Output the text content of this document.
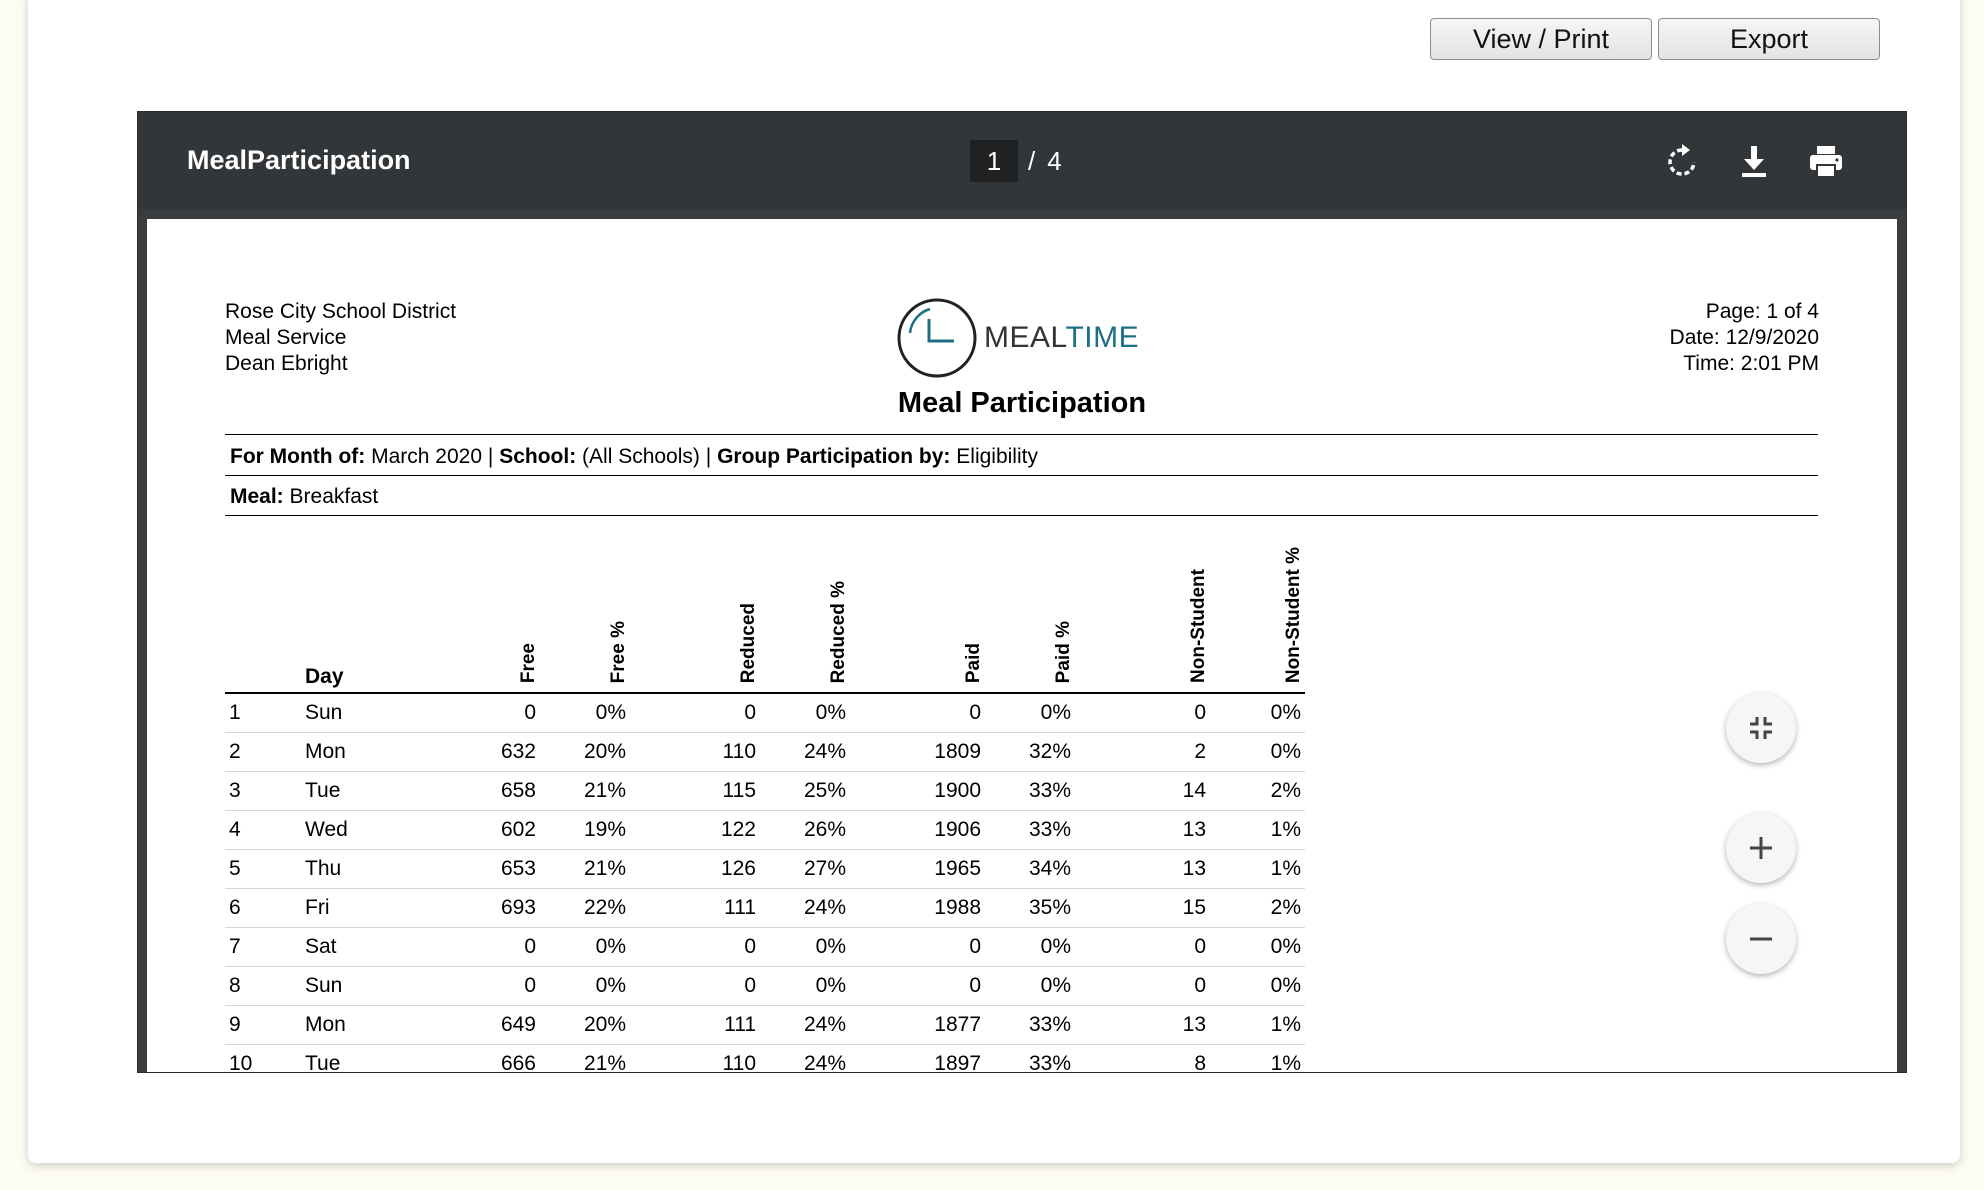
View / Print	Export
MealParticipation	1	/ 4
Rose City School District
Meal Service
Dean Ebright
MEALTIME
Page: 1 of 4
Date: 12/9/2020
Time: 2:01 PM
Meal Participation
For Month of: March 2020 | School: (All Schools) | Group Participation by: Eligibility
Meal: Breakfast
	Day	Free	Free %	Reduced	Reduced %	Paid	Paid %	Non-Student	Non-Student %
1	Sun	0	0%	0	0%	0	0%	0	0%
2	Mon	632	20%	110	24%	1809	32%	2	0%
3	Tue	658	21%	115	25%	1900	33%	14	2%
4	Wed	602	19%	122	26%	1906	33%	13	1%
5	Thu	653	21%	126	27%	1965	34%	13	1%
6	Fri	693	22%	111	24%	1988	35%	15	2%
7	Sat	0	0%	0	0%	0	0%	0	0%
8	Sun	0	0%	0	0%	0	0%	0	0%
9	Mon	649	20%	111	24%	1877	33%	13	1%
10	Tue	666	21%	110	24%	1897	33%	8	1%
